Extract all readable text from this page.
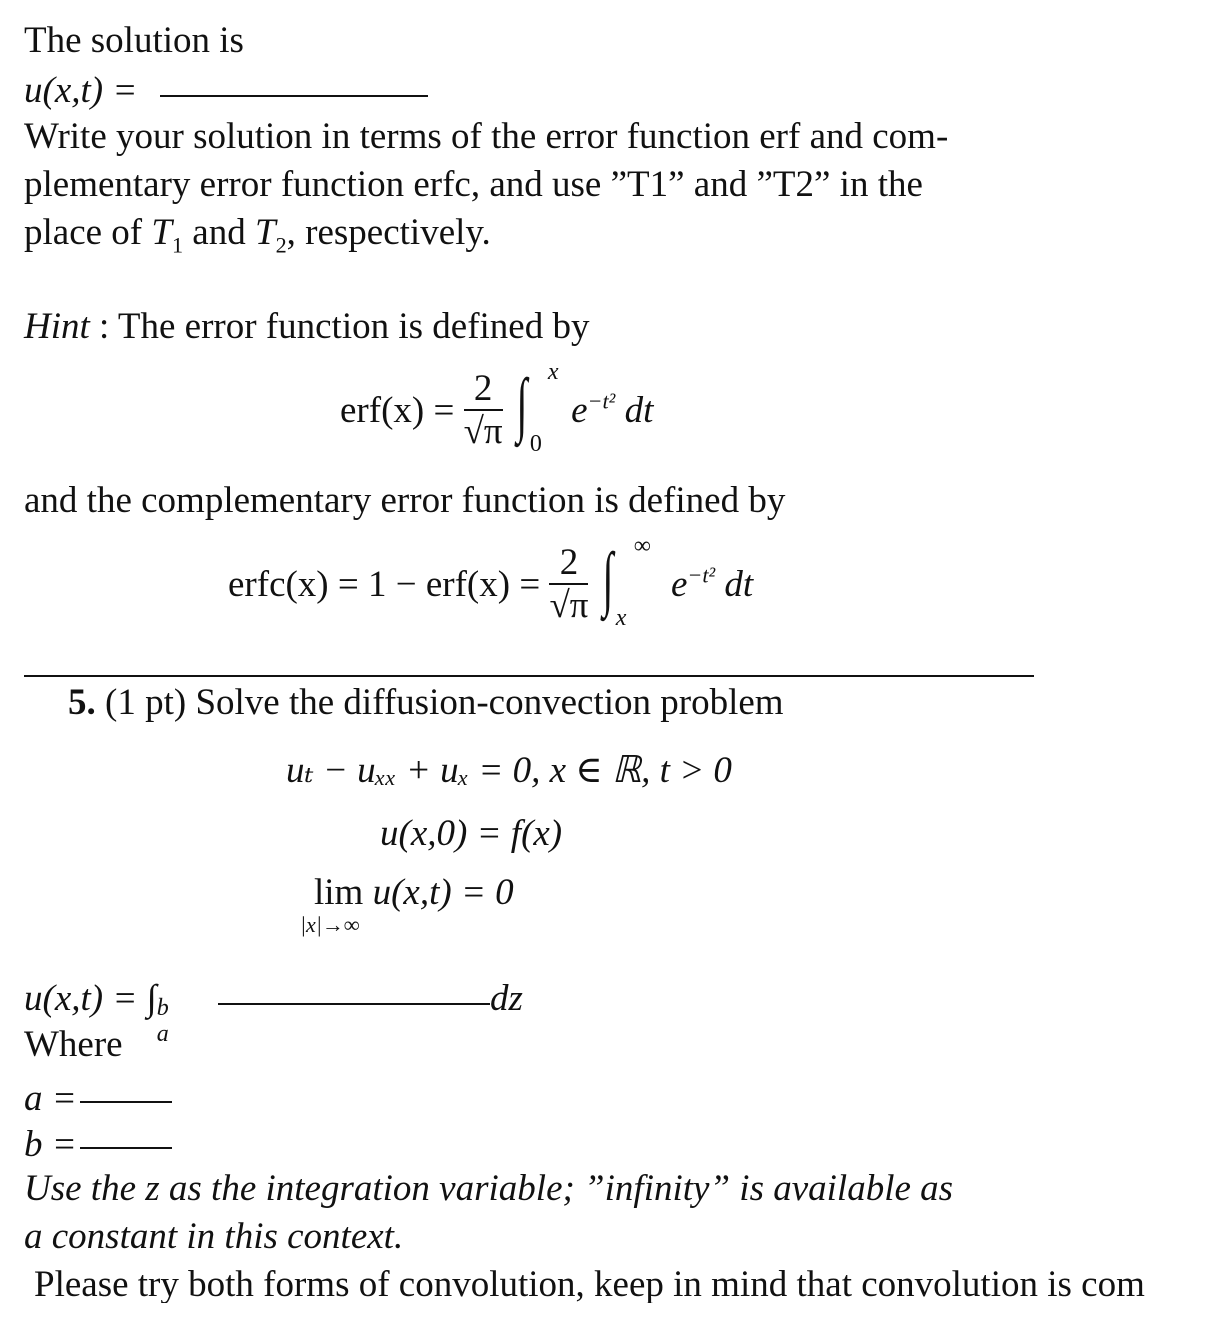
The solution is
u(x,t) =
Write your solution in terms of the error function erf and com-
plementary error function erfc, and use ”T1” and ”T2” in the
place of $T_1$ and $T_2$, respectively.
Hint : The error function is defined by
$erf(x) = \frac{2}{√\pi}$
∫ x
0
$e^{-t^2}$ dt
and the complementary error function is defined by
erfc(x) = $1 - erf(x) = \frac{2}{√\pi}$
∫ ∞
x
$e^{-t^2}$ dt
5. (1 pt) Solve the diffusion-convection problem
uₜ − uₓₓ + uₓ = 0, x ∈ ℝ, t > 0
u(x,0) = f(x)
lim
|x|→∞
u(x,t) = 0
u(x,t) = ∫ b
a
dz
Where
a =
b =
Use the z as the integration variable; ”infinity” is available as
a constant in this context.
Please try both forms of convolution, keep in mind that convolution is com
